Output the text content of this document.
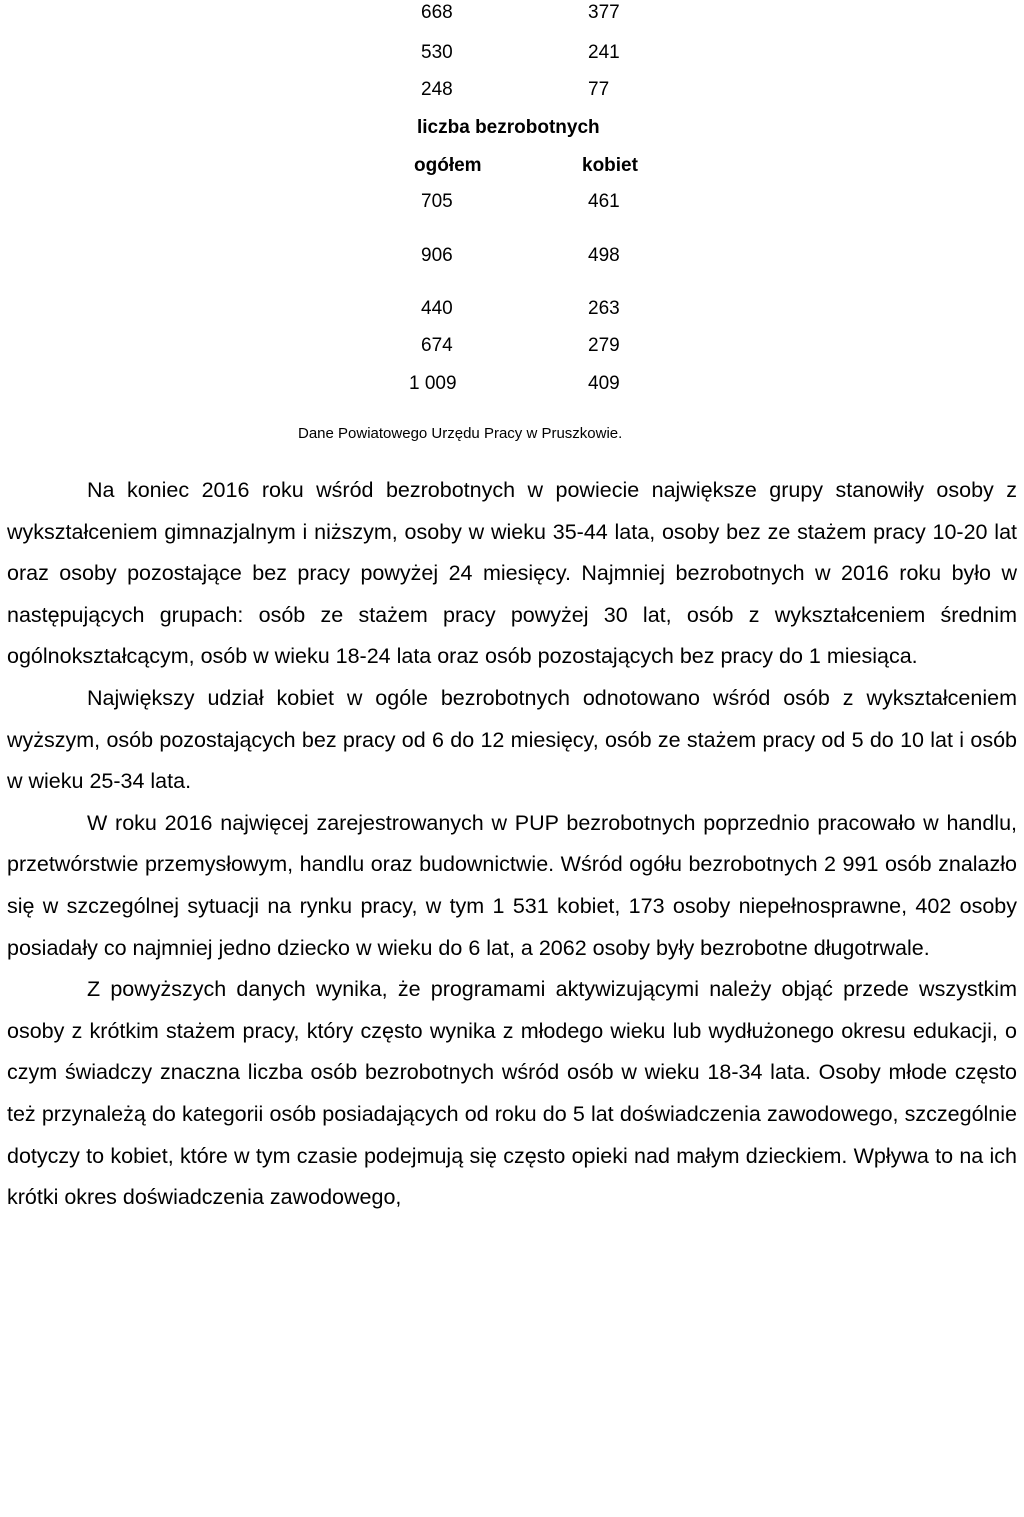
668	377
530	241
248	77
liczba bezrobotnych
ogółem	kobiet
705	461
906	498
440	263
674	279
1 009	409
Dane Powiatowego Urzędu Pracy w Pruszkowie.

Na koniec 2016 roku wśród bezrobotnych w powiecie największe grupy stanowiły osoby z wykształceniem gimnazjalnym i niższym, osoby w wieku 35-44 lata, osoby bez ze stażem pracy 10-20 lat oraz osoby pozostające bez pracy powyżej 24 miesięcy. Najmniej bezrobotnych w 2016 roku było w następujących grupach: osób ze stażem pracy powyżej 30 lat, osób z wykształceniem średnim ogólnokształcącym, osób w wieku 18-24 lata oraz osób pozostających bez pracy do 1 miesiąca.

Największy udział kobiet w ogóle bezrobotnych odnotowano wśród osób z wykształceniem wyższym, osób pozostających bez pracy od 6 do 12 miesięcy, osób ze stażem pracy od 5 do 10 lat i osób w wieku 25-34 lata.

W roku 2016 najwięcej zarejestrowanych w PUP bezrobotnych poprzednio pracowało w handlu, przetwórstwie przemysłowym, handlu oraz budownictwie. Wśród ogółu bezrobotnych 2 991 osób znalazło się w szczególnej sytuacji na rynku pracy, w tym 1 531 kobiet, 173 osoby niepełnosprawne, 402 osoby posiadały co najmniej jedno dziecko w wieku do 6 lat, a 2062 osoby były bezrobotne długotrwale.

Z powyższych danych wynika, że programami aktywizującymi należy objąć przede wszystkim osoby z krótkim stażem pracy, który często wynika z młodego wieku lub wydłużonego okresu edukacji, o czym świadczy znaczna liczba osób bezrobotnych wśród osób w wieku 18-34 lata. Osoby młode często też przynależą do kategorii osób posiadających od roku do 5 lat doświadczenia zawodowego, szczególnie dotyczy to kobiet, które w tym czasie podejmują się często opieki nad małym dzieckiem. Wpływa to na ich krótki okres doświadczenia zawodowego,
